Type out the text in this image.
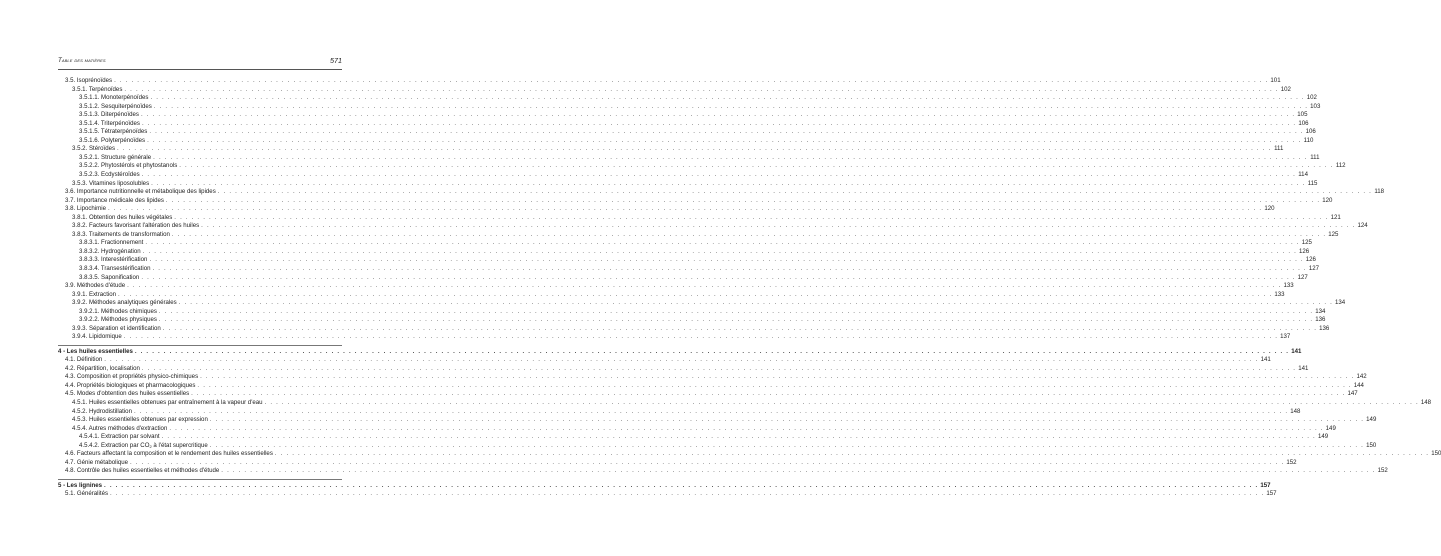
Table des matières	571
3.5. Isoprénoïdes . . . . . . . . . . . . . . . . . . . . . . . . . . . . . . . . . . . . . . . . . . . . . . . . . . . . . . . . . . . . . . . . . . . . . . . . . . . . . . . . . . . . . . . . . . . . . . . . . . . . . . . . . . . . . . . . . . . . . . . . . . . . . . . . . . . . . . . . . . . . . . . . . . . . . . . . . . . . . . . . . . . . . . . . . . . . . . . . . . . . . . . . . . . . . . . . . . . . . . . . 101
3.5.1. Terpénoïdes . . . . . . . . . . . . . . . . . . . . . . . . . . . . . . . . . . . . . . . . . . . . . . . . . . . . . . . . . . . . . . . . . . . . . . . . . . . . . . . . . . . . . . . . . . . . . . . . . . . . . . . . . . . . . . . . . . . . . . . . . . . . . . . . . . . . . . . . . . . . . . . . . . . . . . . . . . . . . . . . . . . . . . . . . . . . . . . . . . . . . . . . . . . . . . . . . . . . . . . . 102
3.5.1.1. Monoterpénoïdes . . . . . . . . . . . . . . . . . . . . . . . . . . . . . . . . . . . . . . . . . . . . . . . . . . . . . . . . . . . . . . . . . . . . . . . . . . . . . . . . . . . . . . . . . . . . . . . . . . . . . . . . . . . . . . . . . . . . . . . . . . . . . . . . . . . . . . . . . . . . . . . . . . . . . . . . . . . . . . . . . . . . . . . . . . . . . . . . . . . . . . . . . . . . . . . . . . . . . . . . 102
3.5.1.2. Sesquiterpénoïdes . . . . . . . . . . . . . . . . . . . . . . . . . . . . . . . . . . . . . . . . . . . . . . . . . . . . . . . . . . . . . . . . . . . . . . . . . . . . . . . . . . . . . . . . . . . . . . . . . . . . . . . . . . . . . . . . . . . . . . . . . . . . . . . . . . . . . . . . . . . . . . . . . . . . . . . . . . . . . . . . . . . . . . . . . . . . . . . . . . . . . . . . . . . . . . . . . . . . . . . . 103
3.5.1.3. Diterpénoïdes . . . . . . . . . . . . . . . . . . . . . . . . . . . . . . . . . . . . . . . . . . . . . . . . . . . . . . . . . . . . . . . . . . . . . . . . . . . . . . . . . . . . . . . . . . . . . . . . . . . . . . . . . . . . . . . . . . . . . . . . . . . . . . . . . . . . . . . . . . . . . . . . . . . . . . . . . . . . . . . . . . . . . . . . . . . . . . . . . . . . . . . . . . . . . . . . . . . . . . . . 105
3.5.1.4. Triterpénoïdes . . . . . . . . . . . . . . . . . . . . . . . . . . . . . . . . . . . . . . . . . . . . . . . . . . . . . . . . . . . . . . . . . . . . . . . . . . . . . . . . . . . . . . . . . . . . . . . . . . . . . . . . . . . . . . . . . . . . . . . . . . . . . . . . . . . . . . . . . . . . . . . . . . . . . . . . . . . . . . . . . . . . . . . . . . . . . . . . . . . . . . . . . . . . . . . . . . . . . . . . 106
3.5.1.5. Tétraterpénoïdes . . . . . . . . . . . . . . . . . . . . . . . . . . . . . . . . . . . . . . . . . . . . . . . . . . . . . . . . . . . . . . . . . . . . . . . . . . . . . . . . . . . . . . . . . . . . . . . . . . . . . . . . . . . . . . . . . . . . . . . . . . . . . . . . . . . . . . . . . . . . . . . . . . . . . . . . . . . . . . . . . . . . . . . . . . . . . . . . . . . . . . . . . . . . . . . . . . . . . . . . 106
3.5.1.6. Polyterpénoïdes . . . . . . . . . . . . . . . . . . . . . . . . . . . . . . . . . . . . . . . . . . . . . . . . . . . . . . . . . . . . . . . . . . . . . . . . . . . . . . . . . . . . . . . . . . . . . . . . . . . . . . . . . . . . . . . . . . . . . . . . . . . . . . . . . . . . . . . . . . . . . . . . . . . . . . . . . . . . . . . . . . . . . . . . . . . . . . . . . . . . . . . . . . . . . . . . . . . . . . . . 110
3.5.2. Stéroïdes . . . . . . . . . . . . . . . . . . . . . . . . . . . . . . . . . . . . . . . . . . . . . . . . . . . . . . . . . . . . . . . . . . . . . . . . . . . . . . . . . . . . . . . . . . . . . . . . . . . . . . . . . . . . . . . . . . . . . . . . . . . . . . . . . . . . . . . . . . . . . . . . . . . . . . . . . . . . . . . . . . . . . . . . . . . . . . . . . . . . . . . . . . . . . . . . . . . . . . . . 111
3.5.2.1. Structure générale . . . . . . . . . . . . . . . . . . . . . . . . . . . . . . . . . . . . . . . . . . . . . . . . . . . . . . . . . . . . . . . . . . . . . . . . . . . . . . . . . . . . . . . . . . . . . . . . . . . . . . . . . . . . . . . . . . . . . . . . . . . . . . . . . . . . . . . . . . . . . . . . . . . . . . . . . . . . . . . . . . . . . . . . . . . . . . . . . . . . . . . . . . . . . . . . . . . . . . . . 111
3.5.2.2. Phytostérols et phytostanols . . . . . . . . . . . . . . . . . . . . . . . . . . . . . . . . . . . . . . . . . . . . . . . . . . . . . . . . . . . . . . . . . . . . . . . . . . . . . . . . . . . . . . . . . . . . . . . . . . . . . . . . . . . . . . . . . . . . . . . . . . . . . . . . . . . . . . . . . . . . . . . . . . . . . . . . . . . . . . . . . . . . . . . . . . . . . . . . . . . . . . . . . . . . . . . . . . . . . . . . 112
3.5.2.3. Ecdystéroïdes . . . . . . . . . . . . . . . . . . . . . . . . . . . . . . . . . . . . . . . . . . . . . . . . . . . . . . . . . . . . . . . . . . . . . . . . . . . . . . . . . . . . . . . . . . . . . . . . . . . . . . . . . . . . . . . . . . . . . . . . . . . . . . . . . . . . . . . . . . . . . . . . . . . . . . . . . . . . . . . . . . . . . . . . . . . . . . . . . . . . . . . . . . . . . . . . . . . . . . . . 114
3.5.3. Vitamines liposolubles . . . . . . . . . . . . . . . . . . . . . . . . . . . . . . . . . . . . . . . . . . . . . . . . . . . . . . . . . . . . . . . . . . . . . . . . . . . . . . . . . . . . . . . . . . . . . . . . . . . . . . . . . . . . . . . . . . . . . . . . . . . . . . . . . . . . . . . . . . . . . . . . . . . . . . . . . . . . . . . . . . . . . . . . . . . . . . . . . . . . . . . . . . . . . . . . . . . . . . . . 115
3.6. Importance nutritionnelle et métabolique des lipides . . . . . . . . . . . . . . . . . . . . . . . . . . . . . . . . . . . . . . . . . . . . . . . . . . . . . . . . . . . . . . . . . . . . . . . . . . . . . . . . . . . . . . . . . . . . . . . . . . . . . . . . . . . . . . . . . . . . . . . . . . . . . . . . . . . . . . . . . . . . . . . . . . . . . . . . . . . . . . . . . . . . . . . . . . . . . . . . . . . . . . . . . . . . . . . . . . . . . . . . 118
3.7. Importance médicale des lipides . . . . . . . . . . . . . . . . . . . . . . . . . . . . . . . . . . . . . . . . . . . . . . . . . . . . . . . . . . . . . . . . . . . . . . . . . . . . . . . . . . . . . . . . . . . . . . . . . . . . . . . . . . . . . . . . . . . . . . . . . . . . . . . . . . . . . . . . . . . . . . . . . . . . . . . . . . . . . . . . . . . . . . . . . . . . . . . . . . . . . . . . . . . . . . . . . . . . . . . . 120
3.8. Lipochimie . . . . . . . . . . . . . . . . . . . . . . . . . . . . . . . . . . . . . . . . . . . . . . . . . . . . . . . . . . . . . . . . . . . . . . . . . . . . . . . . . . . . . . . . . . . . . . . . . . . . . . . . . . . . . . . . . . . . . . . . . . . . . . . . . . . . . . . . . . . . . . . . . . . . . . . . . . . . . . . . . . . . . . . . . . . . . . . . . . . . . . . . . . . . . . . . . . . . . . . . 120
3.8.1. Obtention des huiles végétales . . . . . . . . . . . . . . . . . . . . . . . . . . . . . . . . . . . . . . . . . . . . . . . . . . . . . . . . . . . . . . . . . . . . . . . . . . . . . . . . . . . . . . . . . . . . . . . . . . . . . . . . . . . . . . . . . . . . . . . . . . . . . . . . . . . . . . . . . . . . . . . . . . . . . . . . . . . . . . . . . . . . . . . . . . . . . . . . . . . . . . . . . . . . . . . . . . . . . . . . 121
3.8.2. Facteurs favorisant l'altération des huiles . . . . . . . . . . . . . . . . . . . . . . . . . . . . . . . . . . . . . . . . . . . . . . . . . . . . . . . . . . . . . . . . . . . . . . . . . . . . . . . . . . . . . . . . . . . . . . . . . . . . . . . . . . . . . . . . . . . . . . . . . . . . . . . . . . . . . . . . . . . . . . . . . . . . . . . . . . . . . . . . . . . . . . . . . . . . . . . . . . . . . . . . . . . . . . . . . . . . . . . . 124
3.8.3. Traitements de transformation . . . . . . . . . . . . . . . . . . . . . . . . . . . . . . . . . . . . . . . . . . . . . . . . . . . . . . . . . . . . . . . . . . . . . . . . . . . . . . . . . . . . . . . . . . . . . . . . . . . . . . . . . . . . . . . . . . . . . . . . . . . . . . . . . . . . . . . . . . . . . . . . . . . . . . . . . . . . . . . . . . . . . . . . . . . . . . . . . . . . . . . . . . . . . . . . . . . . . . . . 125
3.8.3.1. Fractionnement . . . . . . . . . . . . . . . . . . . . . . . . . . . . . . . . . . . . . . . . . . . . . . . . . . . . . . . . . . . . . . . . . . . . . . . . . . . . . . . . . . . . . . . . . . . . . . . . . . . . . . . . . . . . . . . . . . . . . . . . . . . . . . . . . . . . . . . . . . . . . . . . . . . . . . . . . . . . . . . . . . . . . . . . . . . . . . . . . . . . . . . . . . . . . . . . . . . . . . . . 125
3.8.3.2. Hydrogénation . . . . . . . . . . . . . . . . . . . . . . . . . . . . . . . . . . . . . . . . . . . . . . . . . . . . . . . . . . . . . . . . . . . . . . . . . . . . . . . . . . . . . . . . . . . . . . . . . . . . . . . . . . . . . . . . . . . . . . . . . . . . . . . . . . . . . . . . . . . . . . . . . . . . . . . . . . . . . . . . . . . . . . . . . . . . . . . . . . . . . . . . . . . . . . . . . . . . . . . . 126
3.8.3.3. Interestérification . . . . . . . . . . . . . . . . . . . . . . . . . . . . . . . . . . . . . . . . . . . . . . . . . . . . . . . . . . . . . . . . . . . . . . . . . . . . . . . . . . . . . . . . . . . . . . . . . . . . . . . . . . . . . . . . . . . . . . . . . . . . . . . . . . . . . . . . . . . . . . . . . . . . . . . . . . . . . . . . . . . . . . . . . . . . . . . . . . . . . . . . . . . . . . . . . . . . . . . . 126
3.8.3.4. Transestérification . . . . . . . . . . . . . . . . . . . . . . . . . . . . . . . . . . . . . . . . . . . . . . . . . . . . . . . . . . . . . . . . . . . . . . . . . . . . . . . . . . . . . . . . . . . . . . . . . . . . . . . . . . . . . . . . . . . . . . . . . . . . . . . . . . . . . . . . . . . . . . . . . . . . . . . . . . . . . . . . . . . . . . . . . . . . . . . . . . . . . . . . . . . . . . . . . . . . . . . . 127
3.8.3.5. Saponification . . . . . . . . . . . . . . . . . . . . . . . . . . . . . . . . . . . . . . . . . . . . . . . . . . . . . . . . . . . . . . . . . . . . . . . . . . . . . . . . . . . . . . . . . . . . . . . . . . . . . . . . . . . . . . . . . . . . . . . . . . . . . . . . . . . . . . . . . . . . . . . . . . . . . . . . . . . . . . . . . . . . . . . . . . . . . . . . . . . . . . . . . . . . . . . . . . . . . . . . 127
3.9. Méthodes d'étude . . . . . . . . . . . . . . . . . . . . . . . . . . . . . . . . . . . . . . . . . . . . . . . . . . . . . . . . . . . . . . . . . . . . . . . . . . . . . . . . . . . . . . . . . . . . . . . . . . . . . . . . . . . . . . . . . . . . . . . . . . . . . . . . . . . . . . . . . . . . . . . . . . . . . . . . . . . . . . . . . . . . . . . . . . . . . . . . . . . . . . . . . . . . . . . . . . . . . . . . 133
3.9.1. Extraction . . . . . . . . . . . . . . . . . . . . . . . . . . . . . . . . . . . . . . . . . . . . . . . . . . . . . . . . . . . . . . . . . . . . . . . . . . . . . . . . . . . . . . . . . . . . . . . . . . . . . . . . . . . . . . . . . . . . . . . . . . . . . . . . . . . . . . . . . . . . . . . . . . . . . . . . . . . . . . . . . . . . . . . . . . . . . . . . . . . . . . . . . . . . . . . . . . . . . . . . 133
3.9.2. Méthodes analytiques générales . . . . . . . . . . . . . . . . . . . . . . . . . . . . . . . . . . . . . . . . . . . . . . . . . . . . . . . . . . . . . . . . . . . . . . . . . . . . . . . . . . . . . . . . . . . . . . . . . . . . . . . . . . . . . . . . . . . . . . . . . . . . . . . . . . . . . . . . . . . . . . . . . . . . . . . . . . . . . . . . . . . . . . . . . . . . . . . . . . . . . . . . . . . . . . . . . . . . . . . . 134
3.9.2.1. Méthodes chimiques . . . . . . . . . . . . . . . . . . . . . . . . . . . . . . . . . . . . . . . . . . . . . . . . . . . . . . . . . . . . . . . . . . . . . . . . . . . . . . . . . . . . . . . . . . . . . . . . . . . . . . . . . . . . . . . . . . . . . . . . . . . . . . . . . . . . . . . . . . . . . . . . . . . . . . . . . . . . . . . . . . . . . . . . . . . . . . . . . . . . . . . . . . . . . . . . . . . . . . . . 134
3.9.2.2. Méthodes physiques . . . . . . . . . . . . . . . . . . . . . . . . . . . . . . . . . . . . . . . . . . . . . . . . . . . . . . . . . . . . . . . . . . . . . . . . . . . . . . . . . . . . . . . . . . . . . . . . . . . . . . . . . . . . . . . . . . . . . . . . . . . . . . . . . . . . . . . . . . . . . . . . . . . . . . . . . . . . . . . . . . . . . . . . . . . . . . . . . . . . . . . . . . . . . . . . . . . . . . . . 136
3.9.3. Séparation et identification . . . . . . . . . . . . . . . . . . . . . . . . . . . . . . . . . . . . . . . . . . . . . . . . . . . . . . . . . . . . . . . . . . . . . . . . . . . . . . . . . . . . . . . . . . . . . . . . . . . . . . . . . . . . . . . . . . . . . . . . . . . . . . . . . . . . . . . . . . . . . . . . . . . . . . . . . . . . . . . . . . . . . . . . . . . . . . . . . . . . . . . . . . . . . . . . . . . . . . . . 136
3.9.4. Lipidomique . . . . . . . . . . . . . . . . . . . . . . . . . . . . . . . . . . . . . . . . . . . . . . . . . . . . . . . . . . . . . . . . . . . . . . . . . . . . . . . . . . . . . . . . . . . . . . . . . . . . . . . . . . . . . . . . . . . . . . . . . . . . . . . . . . . . . . . . . . . . . . . . . . . . . . . . . . . . . . . . . . . . . . . . . . . . . . . . . . . . . . . . . . . . . . . . . . . . . . . . 137
4 - Les huiles essentielles . . . . . . . . . . . . . . . . . . . . . . . . . . . . . . . . . . . . . . . . . . . . . . . . . . . . . . . . . . . . . . . . . . . . . . . . . . . . . . . . . . . . . . . . . . . . . . . . . . . . . . . . . . . . . . . . . . . . . . . . . . . . . . . . . . . . . . . . . . . . . . . . . . . . . . . . . . . . . . . . . . . . . . . . . . . . . . . . . . . . . . . . . . . . . . . . . . . . . . . . 141
4.1. Définition . . . . . . . . . . . . . . . . . . . . . . . . . . . . . . . . . . . . . . . . . . . . . . . . . . . . . . . . . . . . . . . . . . . . . . . . . . . . . . . . . . . . . . . . . . . . . . . . . . . . . . . . . . . . . . . . . . . . . . . . . . . . . . . . . . . . . . . . . . . . . . . . . . . . . . . . . . . . . . . . . . . . . . . . . . . . . . . . . . . . . . . . . . . . . . . . . . . . . . . . 141
4.2. Répartition, localisation . . . . . . . . . . . . . . . . . . . . . . . . . . . . . . . . . . . . . . . . . . . . . . . . . . . . . . . . . . . . . . . . . . . . . . . . . . . . . . . . . . . . . . . . . . . . . . . . . . . . . . . . . . . . . . . . . . . . . . . . . . . . . . . . . . . . . . . . . . . . . . . . . . . . . . . . . . . . . . . . . . . . . . . . . . . . . . . . . . . . . . . . . . . . . . . . . . . . . . . . 141
4.3. Composition et propriétés physico-chimiques . . . . . . . . . . . . . . . . . . . . . . . . . . . . . . . . . . . . . . . . . . . . . . . . . . . . . . . . . . . . . . . . . . . . . . . . . . . . . . . . . . . . . . . . . . . . . . . . . . . . . . . . . . . . . . . . . . . . . . . . . . . . . . . . . . . . . . . . . . . . . . . . . . . . . . . . . . . . . . . . . . . . . . . . . . . . . . . . . . . . . . . . . . . . . . . . . . . . . . . . 142
4.4. Propriétés biologiques et pharmacologiques . . . . . . . . . . . . . . . . . . . . . . . . . . . . . . . . . . . . . . . . . . . . . . . . . . . . . . . . . . . . . . . . . . . . . . . . . . . . . . . . . . . . . . . . . . . . . . . . . . . . . . . . . . . . . . . . . . . . . . . . . . . . . . . . . . . . . . . . . . . . . . . . . . . . . . . . . . . . . . . . . . . . . . . . . . . . . . . . . . . . . . . . . . . . . . . . . . . . . . . . 144
4.5. Modes d'obtention des huiles essentielles . . . . . . . . . . . . . . . . . . . . . . . . . . . . . . . . . . . . . . . . . . . . . . . . . . . . . . . . . . . . . . . . . . . . . . . . . . . . . . . . . . . . . . . . . . . . . . . . . . . . . . . . . . . . . . . . . . . . . . . . . . . . . . . . . . . . . . . . . . . . . . . . . . . . . . . . . . . . . . . . . . . . . . . . . . . . . . . . . . . . . . . . . . . . . . . . . . . . . . . . 147
4.5.1. Huiles essentielles obtenues par entraînement à la vapeur d'eau . . . . . . . . . . . . . . . . . . . . . . . . . . . . . . . . . . . . . . . . . . . . . . . . . . . . . . . . . . . . . . . . . . . . . . . . . . . . . . . . . . . . . . . . . . . . . . . . . . . . . . . . . . . . . . . . . . . . . . . . . . . . . . . . . . . . . . . . . . . . . . . . . . . . . . . . . . . . . . . . . . . . . . . . . . . . . . . . . . . . . . . . . . . . . . . . . . . . . . . . 148
4.5.2. Hydrodistillation . . . . . . . . . . . . . . . . . . . . . . . . . . . . . . . . . . . . . . . . . . . . . . . . . . . . . . . . . . . . . . . . . . . . . . . . . . . . . . . . . . . . . . . . . . . . . . . . . . . . . . . . . . . . . . . . . . . . . . . . . . . . . . . . . . . . . . . . . . . . . . . . . . . . . . . . . . . . . . . . . . . . . . . . . . . . . . . . . . . . . . . . . . . . . . . . . . . . . . . . 148
4.5.3. Huiles essentielles obtenues par expression . . . . . . . . . . . . . . . . . . . . . . . . . . . . . . . . . . . . . . . . . . . . . . . . . . . . . . . . . . . . . . . . . . . . . . . . . . . . . . . . . . . . . . . . . . . . . . . . . . . . . . . . . . . . . . . . . . . . . . . . . . . . . . . . . . . . . . . . . . . . . . . . . . . . . . . . . . . . . . . . . . . . . . . . . . . . . . . . . . . . . . . . . . . . . . . . . . . . . . . . 149
4.5.4. Autres méthodes d'extraction . . . . . . . . . . . . . . . . . . . . . . . . . . . . . . . . . . . . . . . . . . . . . . . . . . . . . . . . . . . . . . . . . . . . . . . . . . . . . . . . . . . . . . . . . . . . . . . . . . . . . . . . . . . . . . . . . . . . . . . . . . . . . . . . . . . . . . . . . . . . . . . . . . . . . . . . . . . . . . . . . . . . . . . . . . . . . . . . . . . . . . . . . . . . . . . . . . . . . . . . 149
4.5.4.1. Extraction par solvant . . . . . . . . . . . . . . . . . . . . . . . . . . . . . . . . . . . . . . . . . . . . . . . . . . . . . . . . . . . . . . . . . . . . . . . . . . . . . . . . . . . . . . . . . . . . . . . . . . . . . . . . . . . . . . . . . . . . . . . . . . . . . . . . . . . . . . . . . . . . . . . . . . . . . . . . . . . . . . . . . . . . . . . . . . . . . . . . . . . . . . . . . . . . . . . . . . . . . . . . 149
4.5.4.2. Extraction par $CO_2$ à l'état supercritique . . . . . . . . . . . . . . . . . . . . . . . . . . . . . . . . . . . . . . . . . . . . . . . . . . . . . . . . . . . . . . . . . . . . . . . . . . . . . . . . . . . . . . . . . . . . . . . . . . . . . . . . . . . . . . . . . . . . . . . . . . . . . . . . . . . . . . . . . . . . . . . . . . . . . . . . . . . . . . . . . . . . . . . . . . . . . . . . . . . . . . . . . . . . . . . . . . . . . . . . 150
4.6. Facteurs affectant la composition et le rendement des huiles essentielles . . . . . . . . . . . . . . . . . . . . . . . . . . . . . . . . . . . . . . . . . . . . . . . . . . . . . . . . . . . . . . . . . . . . . . . . . . . . . . . . . . . . . . . . . . . . . . . . . . . . . . . . . . . . . . . . . . . . . . . . . . . . . . . . . . . . . . . . . . . . . . . . . . . . . . . . . . . . . . . . . . . . . . . . . . . . . . . . . . . . . . . . . . . . . . . . . . . . . . . . 150
4.7. Génie métabolique . . . . . . . . . . . . . . . . . . . . . . . . . . . . . . . . . . . . . . . . . . . . . . . . . . . . . . . . . . . . . . . . . . . . . . . . . . . . . . . . . . . . . . . . . . . . . . . . . . . . . . . . . . . . . . . . . . . . . . . . . . . . . . . . . . . . . . . . . . . . . . . . . . . . . . . . . . . . . . . . . . . . . . . . . . . . . . . . . . . . . . . . . . . . . . . . . . . . . . . . 152
4.8. Contrôle des huiles essentielles et méthodes d'étude . . . . . . . . . . . . . . . . . . . . . . . . . . . . . . . . . . . . . . . . . . . . . . . . . . . . . . . . . . . . . . . . . . . . . . . . . . . . . . . . . . . . . . . . . . . . . . . . . . . . . . . . . . . . . . . . . . . . . . . . . . . . . . . . . . . . . . . . . . . . . . . . . . . . . . . . . . . . . . . . . . . . . . . . . . . . . . . . . . . . . . . . . . . . . . . . . . . . . . . . 152
5 - Les lignines . . . . . . . . . . . . . . . . . . . . . . . . . . . . . . . . . . . . . . . . . . . . . . . . . . . . . . . . . . . . . . . . . . . . . . . . . . . . . . . . . . . . . . . . . . . . . . . . . . . . . . . . . . . . . . . . . . . . . . . . . . . . . . . . . . . . . . . . . . . . . . . . . . . . . . . . . . . . . . . . . . . . . . . . . . . . . . . . . . . . . . . . . . . . . . . . . . . . . . . . 157
5.1. Généralités . . . . . . . . . . . . . . . . . . . . . . . . . . . . . . . . . . . . . . . . . . . . . . . . . . . . . . . . . . . . . . . . . . . . . . . . . . . . . . . . . . . . . . . . . . . . . . . . . . . . . . . . . . . . . . . . . . . . . . . . . . . . . . . . . . . . . . . . . . . . . . . . . . . . . . . . . . . . . . . . . . . . . . . . . . . . . . . . . . . . . . . . . . . . . . . . . . . . . . . . 157
